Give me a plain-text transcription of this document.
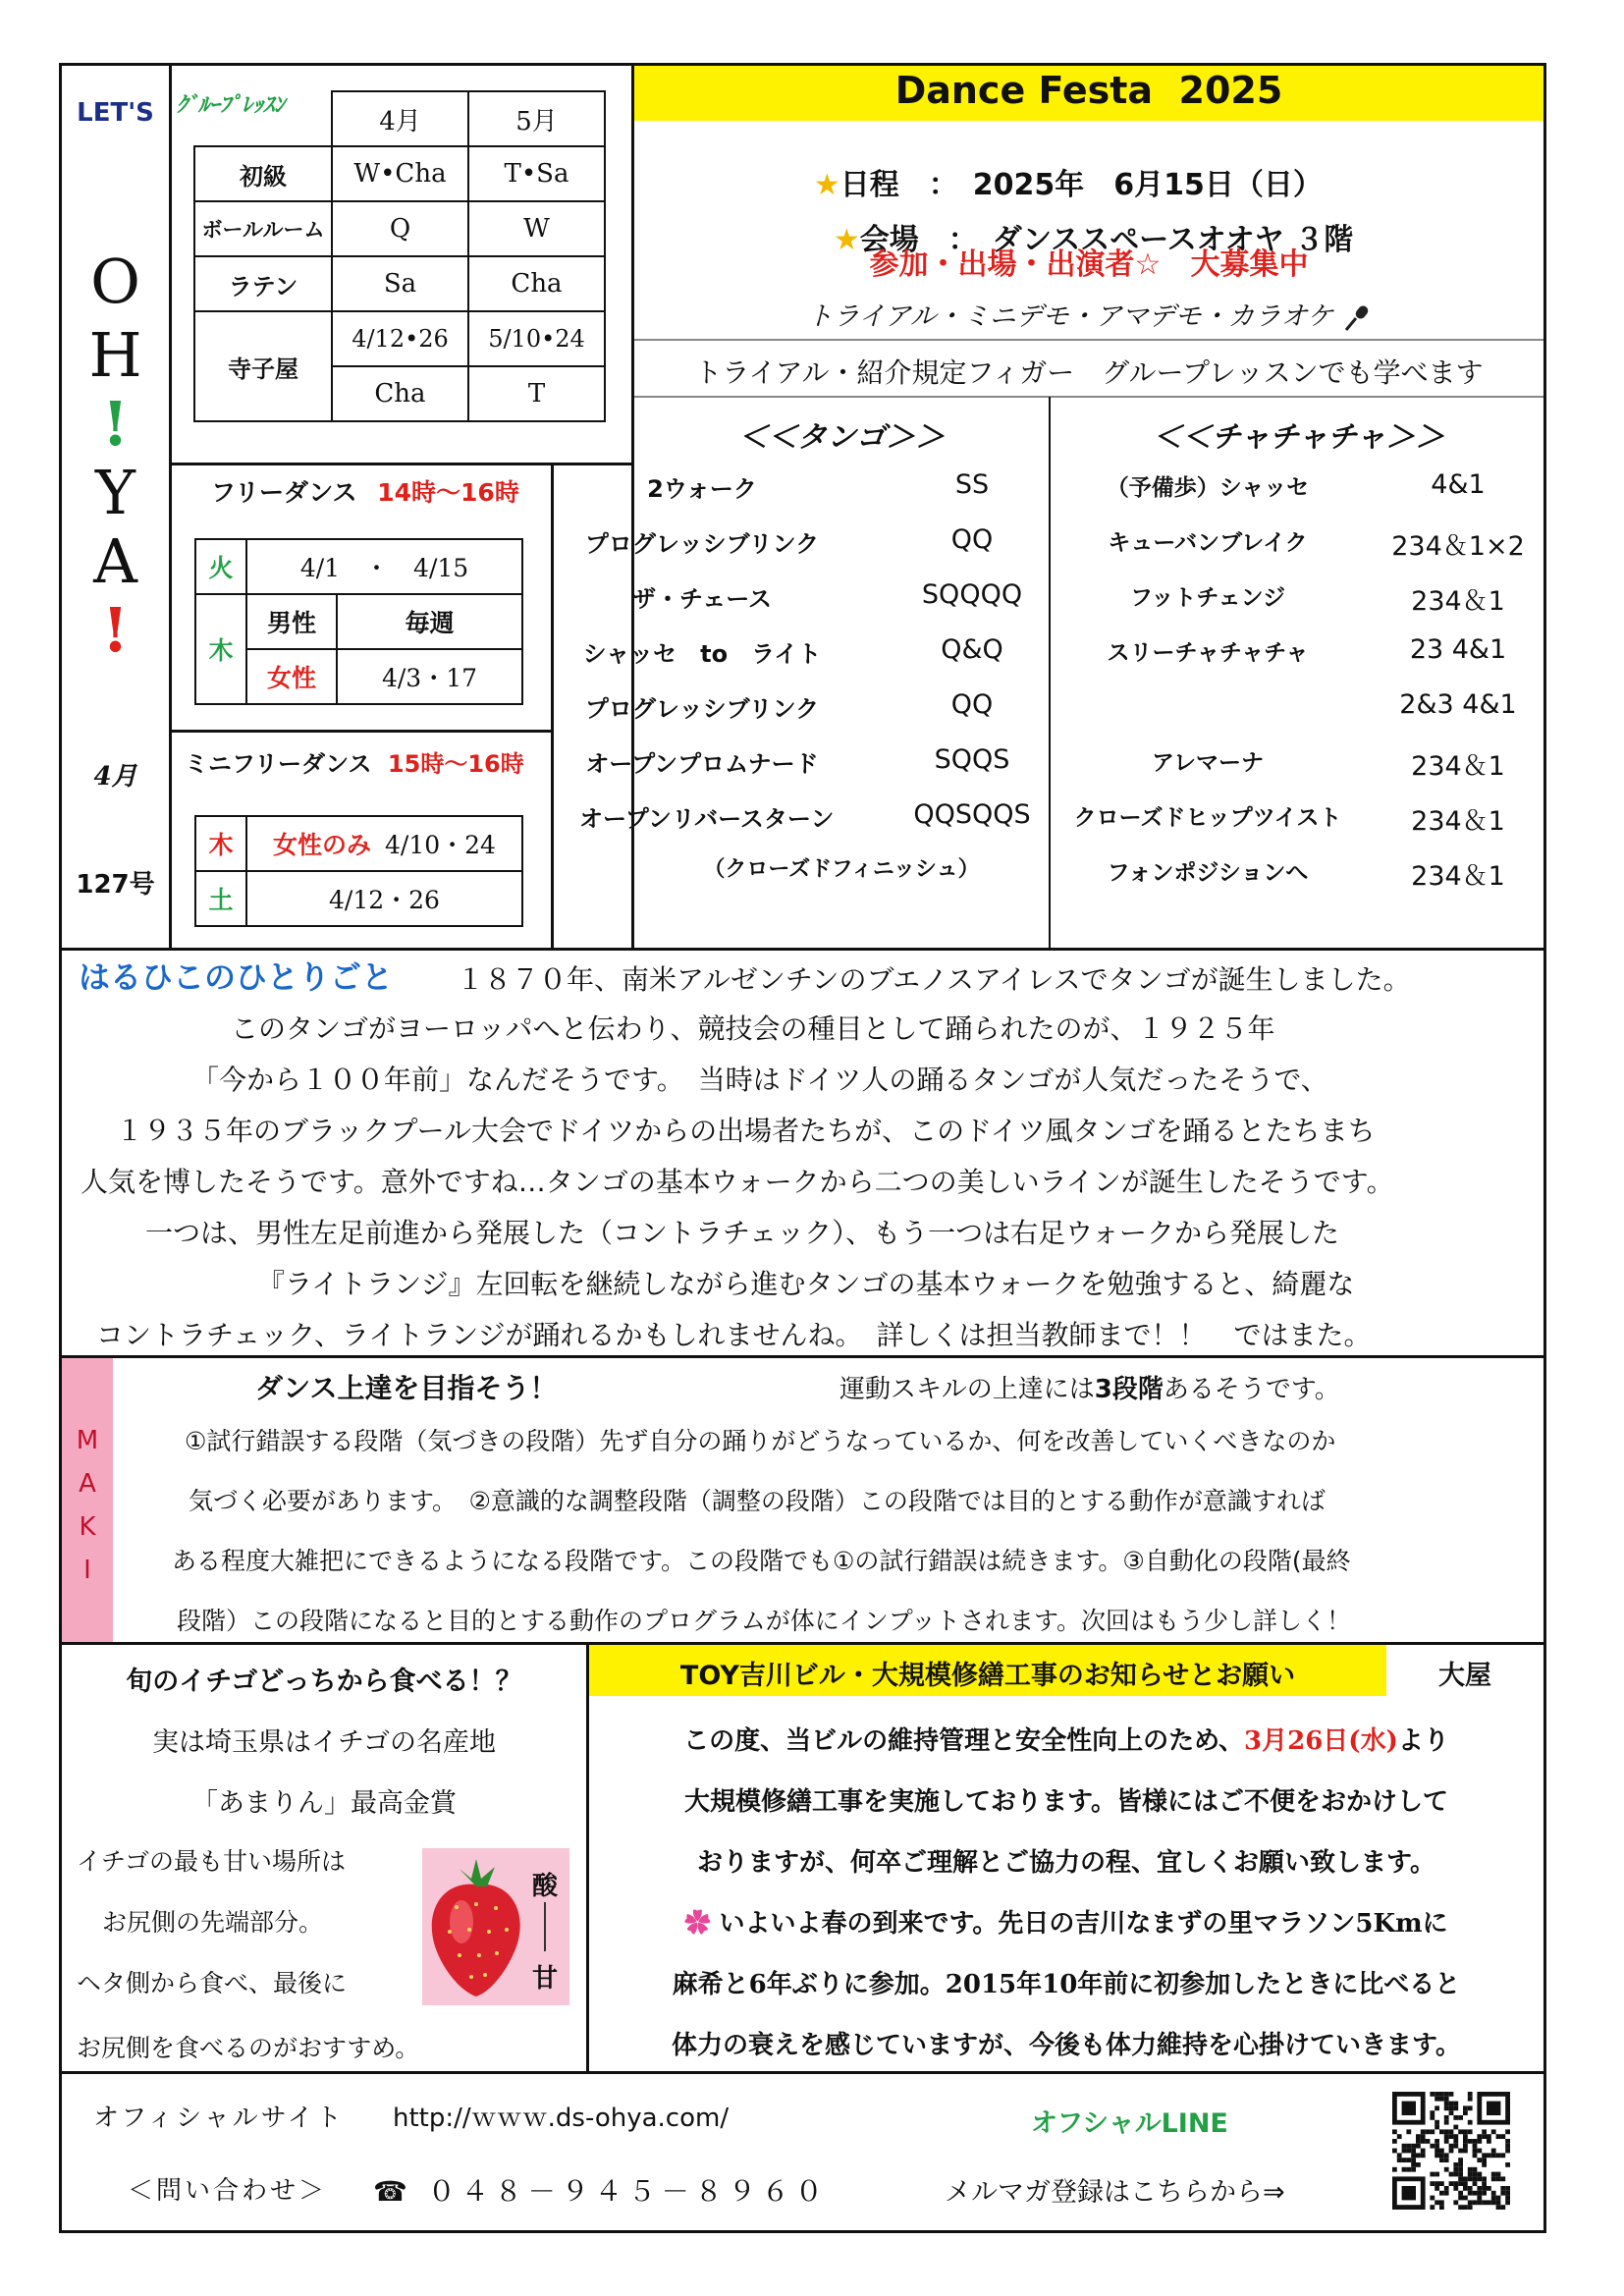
LET'S
O
H
!
Y
A
!
4月
127号
ｸﾞﾙｰﾌﾟﾚｯｽﾝ
	4月	5月
初級	W•Cha	T•Sa
ボールルーム	Q	W
ラテン	Sa	Cha
寺子屋	4/12•26	5/10•24
	Cha	T
フリーダンス 14時～16時
火	4/1　・　4/15	
木	男性	毎週
	女性	4/3・17
ミニフリーダンス 15時～16時
木	女性のみ 4/10・24
土	4/12・26
Dance Festa  2025

★日程　：　2025年　6月15日（日）

★会場　：　ダンススペースオオヤ ３階

参加・出場・出演者☆　大募集中
トライアル・ミニデモ・アマデモ・カラオケ
トライアル・紹介規定フィガー　グループレッスンでも学べます
＜＜タンゴ＞＞
2ウォーク	SS
プログレッシブリンク	QQ
ザ・チェース	SQQQQ
シャッセ　to　ライト	Q&Q
プログレッシブリンク	QQ
オープンプロムナード	SQQS
オープンリバースターン	QQSQQS
（クローズドフィニッシュ）
＜＜チャチャチャ＞＞
（予備歩）シャッセ	4&1
キューバンブレイク	234＆1×2
フットチェンジ	234＆1
スリーチャチャチャ	23 4&1
2&3 4&1
アレマーナ	234＆1
クローズドヒップツイスト	234＆1
フォンポジションへ	234＆1
はるひこのひとりごと １８７０年、南米アルゼンチンのブエノスアイレスでタンゴが誕生しました。
このタンゴがヨーロッパへと伝わり、競技会の種目として踊られたのが、１９２５年
「今から１００年前」なんだそうです。　当時はドイツ人の踊るタンゴが人気だったそうで、
１９３５年のブラックプール大会でドイツからの出場者たちが、このドイツ風タンゴを踊るとたちまち
人気を博したそうです。意外ですね…タンゴの基本ウォークから二つの美しいラインが誕生したそうです。
一つは、男性左足前進から発展した（コントラチェック）、もう一つは右足ウォークから発展した
『ライトランジ』左回転を継続しながら進むタンゴの基本ウォークを勉強すると、綺麗な
コントラチェック、ライトランジが踊れるかもしれませんね。　詳しくは担当教師まで！！　ではまた。
M
A
K
I
ダンス上達を目指そう！	運動スキルの上達には3段階あるそうです。
①試行錯誤する段階（気づきの段階）先ず自分の踊りがどうなっているか、何を改善していくべきなのか
気づく必要があります。　②意識的な調整段階（調整の段階）この段階では目的とする動作が意識すれば
ある程度大雑把にできるようになる段階です。この段階でも①の試行錯誤は続きます。③自動化の段階(最終
段階）この段階になると目的とする動作のプログラムが体にインプットされます。次回はもう少し詳しく！
旬のイチゴどっちから食べる！？
実は埼玉県はイチゴの名産地
「あまりん」最高金賞
イチゴの最も甘い場所は
お尻側の先端部分。
ヘタ側から食べ、最後に
お尻側を食べるのがおすすめ。
酸
甘
TOY吉川ビル・大規模修繕工事のお知らせとお願い	大屋
この度、当ビルの維持管理と安全性向上のため、3月26日(水)より
大規模修繕工事を実施しております。皆様にはご不便をおかけして
おりますが、何卒ご理解とご協力の程、宜しくお願い致します。
✿ いよいよ春の到来です。先日の吉川なまずの里マラソン5Kmに
麻希と6年ぶりに参加。2015年10年前に初参加したときに比べると
体力の衰えを感じていますが、今後も体力維持を心掛けていきます。
オフィシャルサイト http://ｗｗｗ.ds-ohya.com/
＜問い合わせ＞ ☎ ０４８－９４５－８９６０
オフシャルLINE
メルマガ登録はこちらから⇒
